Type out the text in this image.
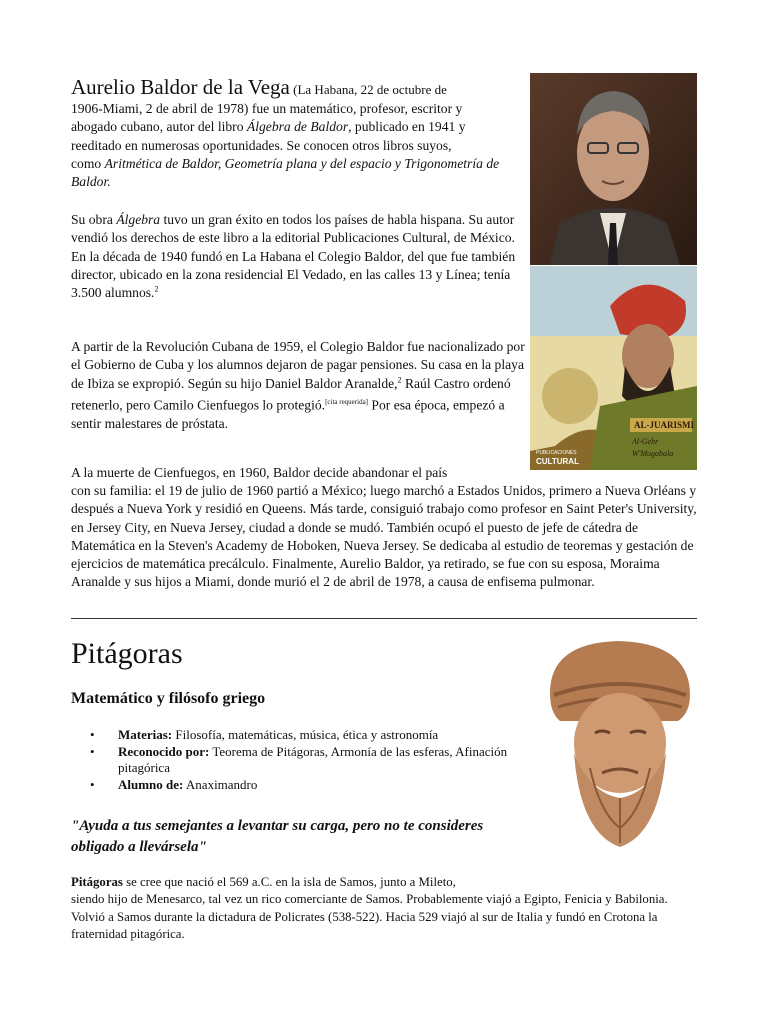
Aurelio Baldor de la Vega (La Habana, 22 de octubre de

1906-Miami, 2 de abril de 1978) fue un matemático, profesor, escritor y
abogado cubano, autor del libro Álgebra de Baldor, publicado en 1941 y
reeditado en numerosas oportunidades. Se conocen otros libros suyos,
como Aritmética de Baldor, Geometría plana y del espacio y Trigonometría de Baldor.

Su obra Álgebra tuvo un gran éxito en todos los países de habla hispana. Su autor vendió los derechos de este libro a la editorial Publicaciones Cultural, de México. En la década de 1940 fundó en La Habana el Colegio Baldor, del que fue también director, ubicado en la zona residencial El Vedado, en las calles 13 y Línea; tenía 3.500 alumnos.$^2$

A partir de la Revolución Cubana de 1959, el Colegio Baldor fue nacionalizado por el Gobierno de Cuba y los alumnos dejaron de pagar pensiones. Su casa en la playa de Ibiza se expropió. Según su hijo Daniel Baldor Aranalde,$^2$ Raúl Castro ordenó retenerlo, pero Camilo Cienfuegos lo protegió.[cita requerida] Por esa época, empezó a sentir malestares de próstata.

A la muerte de Cienfuegos, en 1960, Baldor decide abandonar el país

con su familia: el 19 de julio de 1960 partió a México; luego marchó a Estados Unidos, primero a Nueva Orléans y después a Nueva York y residió en Queens. Más tarde, consiguió trabajo como profesor en Saint Peter's University, en Jersey City, en Nueva Jersey, ciudad a donde se mudó. También ocupó el puesto de jefe de cátedra de Matemática en la Steven's Academy de Hoboken, Nueva Jersey. Se dedicaba al estudio de teoremas y gestación de ejercicios de matemática precálculo. Finalmente, Aurelio Baldor, ya retirado, se fue con su esposa, Moraima Aranalde y sus hijos a Miami, donde murió el 2 de abril de 1978, a causa de enfisema pulmonar.

AL-JUARISMI
Al-Gebr
W'Mugabala
PUBLICACIONES
CULTURAL
Pitágoras
Matemático y filósofo griego
• Materias: Filosofía, matemáticas, música, ética y astronomía
• Reconocido por: Teorema de Pitágoras, Armonía de las esferas, Afinación pitagórica
• Alumno de: Anaximandro
"Ayuda a tus semejantes a levantar su carga, pero no te consideres obligado a llevársela"
Pitágoras se cree que nació el 569 a.C. en la isla de Samos, junto a Mileto,
siendo hijo de Menesarco, tal vez un rico comerciante de Samos. Probablemente viajó a Egipto, Fenicia y Babilonia. Volvió a Samos durante la dictadura de Policrates (538-522). Hacia 529 viajó al sur de Italia y fundó en Crotona la fraternidad pitagórica.
